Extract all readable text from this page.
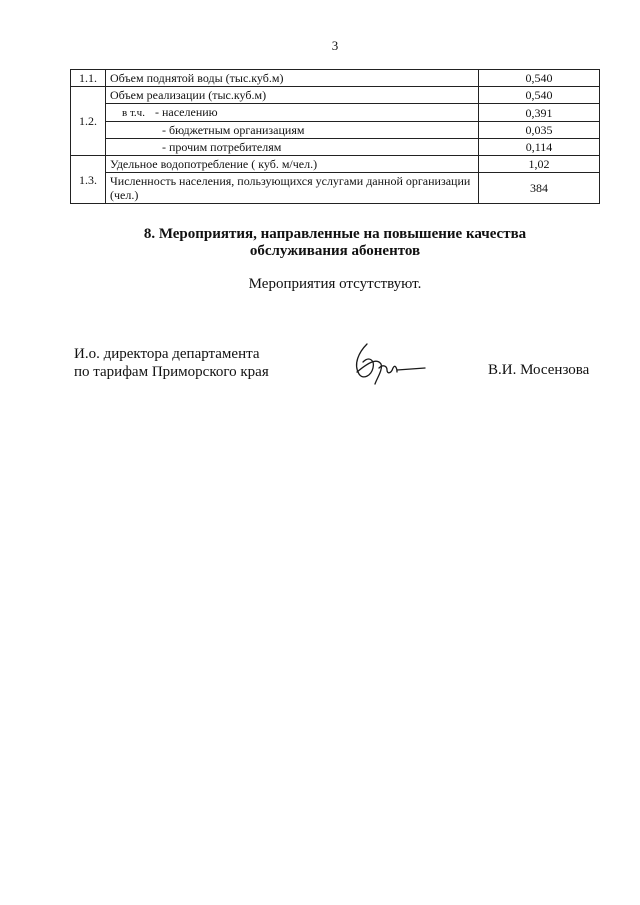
3
1.1.	Объем поднятой воды (тыс.куб.м)	0,540
1.2.	Объем реализации (тыс.куб.м)	0,540
	в т.ч. - населению	0,391
	- бюджетным организациям	0,035
	- прочим потребителям	0,114
1.3.	Удельное водопотребление ( куб. м/чел.)	1,02
	Численность населения, пользующихся услугами данной организации (чел.)	384
8. Мероприятия, направленные на повышение качества
обслуживания абонентов
Мероприятия отсутствуют.
И.о. директора департамента
по тарифам Приморского края	В.И. Мосензова
